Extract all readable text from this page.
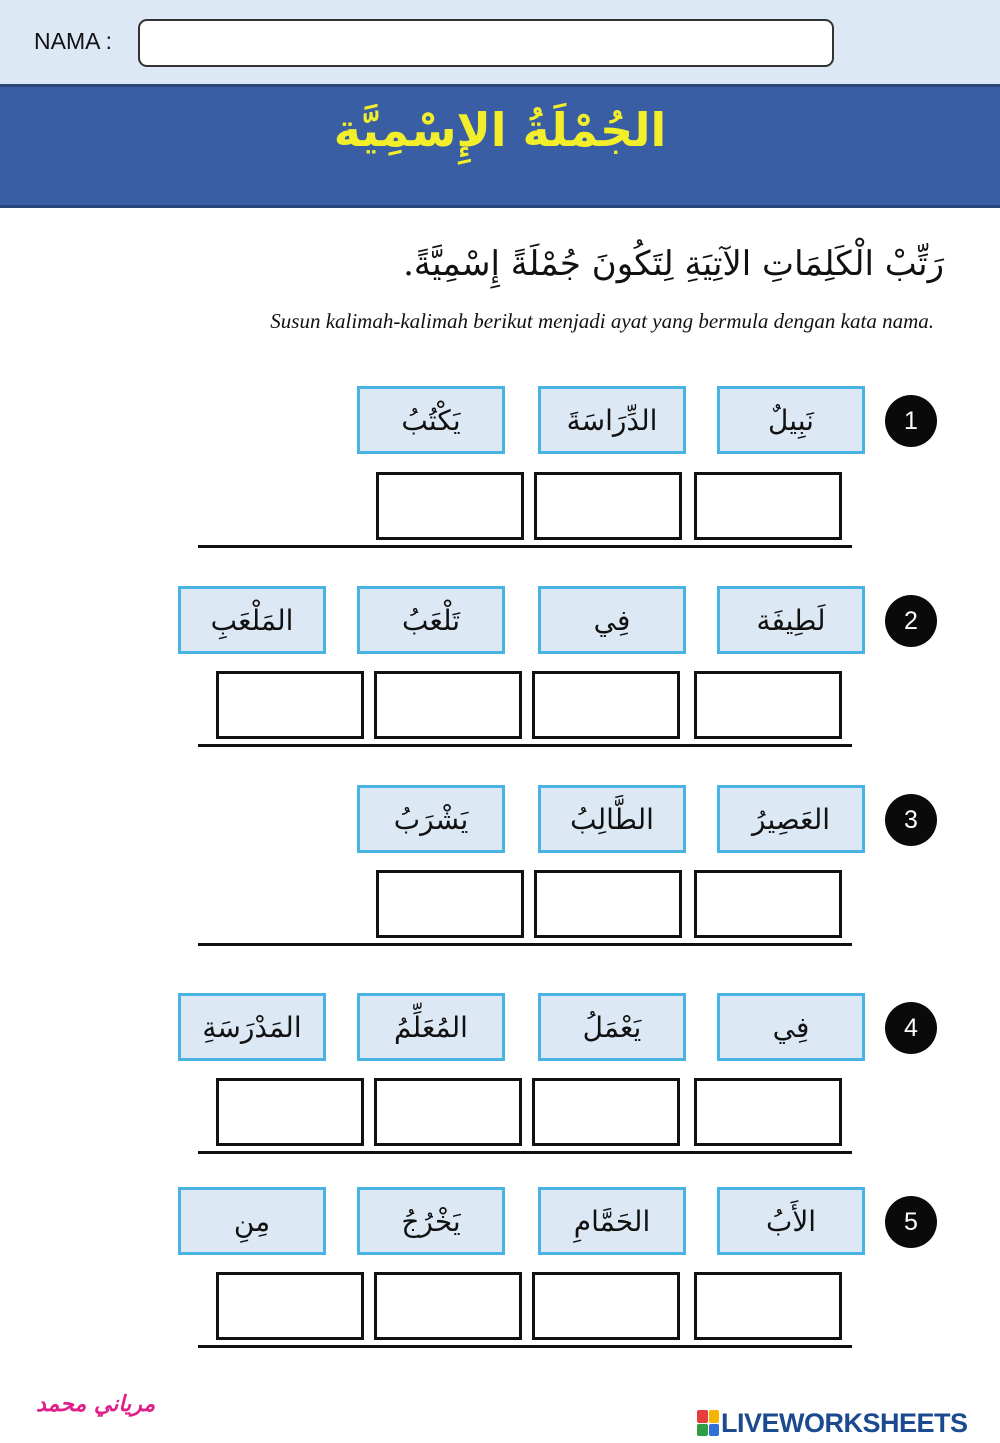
NAMA :
الجُمْلَةُ الإِسْمِيَّة
رَتِّبْ الْكَلِمَاتِ الآتِيَةِ لِتَكُونَ جُمْلَةً إِسْمِيَّةً.
Susun kalimah-kalimah berikut menjadi ayat yang bermula dengan kata nama.
1
نَبِيلٌ
الدِّرَاسَةَ
يَكْتُبُ
2
لَطِيفَة
فِي
تَلْعَبُ
المَلْعَبِ
3
العَصِيرُ
الطَّالِبُ
يَشْرَبُ
4
فِي
يَعْمَلُ
المُعَلِّمُ
المَدْرَسَةِ
5
الأَبُ
الحَمَّامِ
يَخْرُجُ
مِنِ
مرياني محمد
LIVEWORKSHEETS
